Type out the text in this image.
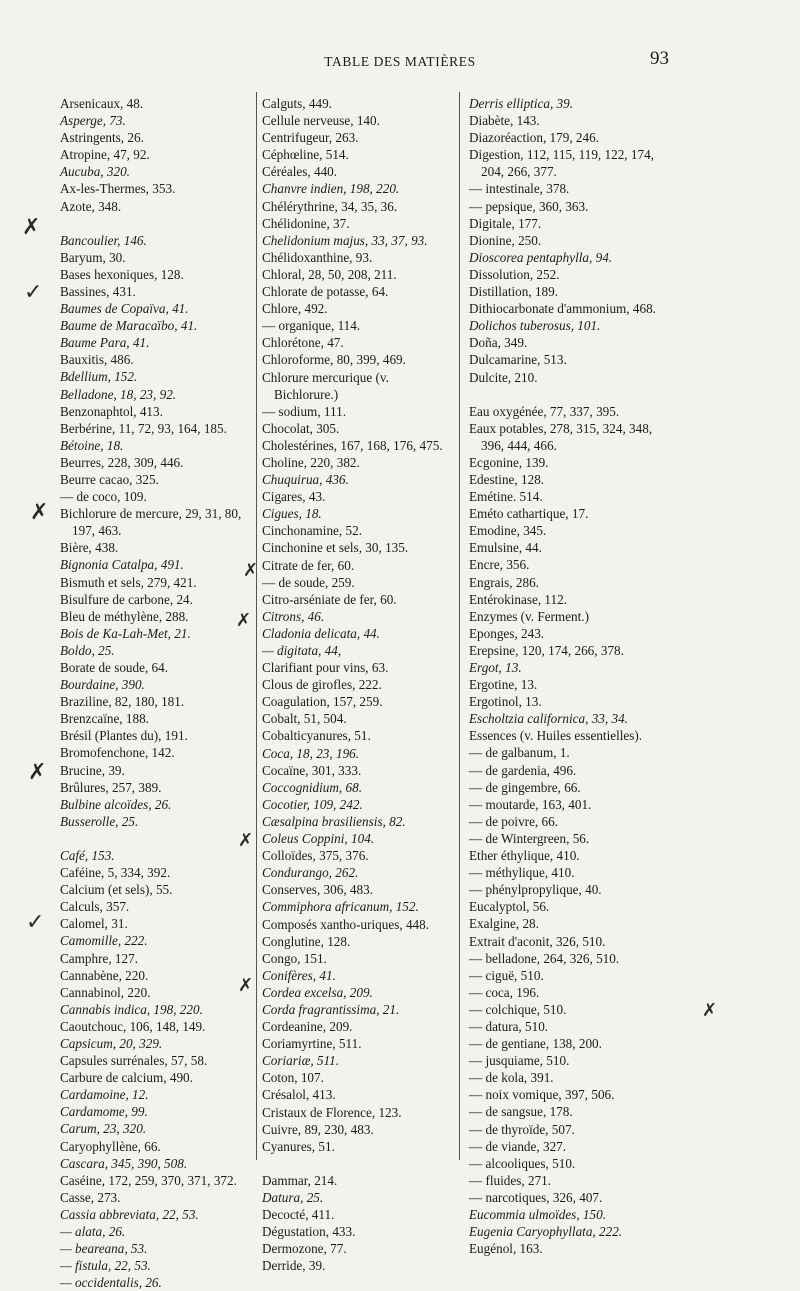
TABLE DES MATIÈRES	93
Arsenicaux, 48.
Asperge, 73.
Astringents, 26.
Atropine, 47, 92.
Aucuba, 320.
Ax-les-Thermes, 353.
Azote, 348.
Bancoulier, 146.
Baryum, 30.
Bases hexoniques, 128.
Bassines, 431.
Baumes de Copaïva, 41.
Baume de Maracaïbo, 41.
Baume Para, 41.
Bauxitis, 486.
Bdellium, 152.
Belladone, 18, 23, 92.
Benzonaphtol, 413.
Berbérine, 11, 72, 93, 164, 185.
Bétoine, 18.
Beurres, 228, 309, 446.
Beurre cacao, 325.
— de coco, 109.
Bichlorure de mercure, 29, 31, 80, 197, 463.
Bière, 438.
Bignonia Catalpa, 491.
Bismuth et sels, 279, 421.
Bisulfure de carbone, 24.
Bleu de méthylène, 288.
Bois de Ka-Lah-Met, 21.
Boldo, 25.
Borate de soude, 64.
Bourdaine, 390.
Braziline, 82, 180, 181.
Brenzcaïne, 188.
Brésil (Plantes du), 191.
Bromofenchone, 142.
Brucine, 39.
Brûlures, 257, 389.
Bulbine alcoïdes, 26.
Busserolle, 25.
Café, 153.
Caféine, 5, 334, 392.
Calcium (et sels), 55.
Calculs, 357.
Calomel, 31.
Camomille, 222.
Camphre, 127.
Cannabène, 220.
Cannabinol, 220.
Cannabis indica, 198, 220.
Caoutchouc, 106, 148, 149.
Capsicum, 20, 329.
Capsules surrénales, 57, 58.
Carbure de calcium, 490.
Cardamoine, 12.
Cardamome, 99.
Carum, 23, 320.
Caryophyllène, 66.
Cascara, 345, 390, 508.
Caséine, 172, 259, 370, 371, 372.
Casse, 273.
Cassia abbreviata, 22, 53.
— alata, 26.
— beareana, 53.
— fistula, 22, 53.
— occidentalis, 26.
Calguts, 449.
Cellule nerveuse, 140.
Centrifugeur, 263.
Céphœline, 514.
Céréales, 440.
Chanvre indien, 198, 220.
Chélérythrine, 34, 35, 36.
Chélidonine, 37.
Chelidonium majus, 33, 37, 93.
Chélidoxanthine, 93.
Chloral, 28, 50, 208, 211.
Chlorate de potasse, 64.
Chlore, 492.
— organique, 114.
Chlorétone, 47.
Chloroforme, 80, 399, 469.
Chlorure mercurique (v. Bichlorure.)
— sodium, 111.
Chocolat, 305.
Cholestérines, 167, 168, 176, 475.
Choline, 220, 382.
Chuquirua, 436.
Cigares, 43.
Cigues, 18.
Cinchonamine, 52.
Cinchonine et sels, 30, 135.
Citrate de fer, 60.
— de soude, 259.
Citro-arséniate de fer, 60.
Citrons, 46.
Cladonia delicata, 44.
— digitata, 44,
Clarifiant pour vins, 63.
Clous de girofles, 222.
Coagulation, 157, 259.
Cobalt, 51, 504.
Cobalticyanures, 51.
Coca, 18, 23, 196.
Cocaïne, 301, 333.
Coccognidium, 68.
Cocotier, 109, 242.
Cæsalpina brasiliensis, 82.
Coleus Coppini, 104.
Colloïdes, 375, 376.
Condurango, 262.
Conserves, 306, 483.
Commiphora africanum, 152.
Composés xantho-uriques, 448.
Conglutine, 128.
Congo, 151.
Conifères, 41.
Cordea excelsa, 209.
Corda fragrantissima, 21.
Cordeanine, 209.
Coriamyrtine, 511.
Coriariæ, 511.
Coton, 107.
Crésalol, 413.
Cristaux de Florence, 123.
Cuivre, 89, 230, 483.
Cyanures, 51.
Dammar, 214.
Datura, 25.
Decocté, 411.
Dégustation, 433.
Dermozone, 77.
Derride, 39.
Derris elliptica, 39.
Diabète, 143.
Diazoréaction, 179, 246.
Digestion, 112, 115, 119, 122, 174, 204, 266, 377.
— intestinale, 378.
— pepsique, 360, 363.
Digitale, 177.
Dionine, 250.
Dioscorea pentaphylla, 94.
Dissolution, 252.
Distillation, 189.
Dithiocarbonate d'ammonium, 468.
Dolichos tuberosus, 101.
Doña, 349.
Dulcamarine, 513.
Dulcite, 210.
Eau oxygénée, 77, 337, 395.
Eaux potables, 278, 315, 324, 348, 396, 444, 466.
Ecgonine, 139.
Edestine, 128.
Emétine. 514.
Eméto cathartique, 17.
Emodine, 345.
Emulsine, 44.
Encre, 356.
Engrais, 286.
Entérokinase, 112.
Enzymes (v. Ferment.)
Eponges, 243.
Erepsine, 120, 174, 266, 378.
Ergot, 13.
Ergotine, 13.
Ergotinol, 13.
Escholtzia californica, 33, 34.
Essences (v. Huiles essentielles).
— de galbanum, 1.
— de gardenia, 496.
— de gingembre, 66.
— moutarde, 163, 401.
— de poivre, 66.
— de Wintergreen, 56.
Ether éthylique, 410.
— méthylique, 410.
— phénylpropylique, 40.
Eucalyptol, 56.
Exalgine, 28.
Extrait d'aconit, 326, 510.
— belladone, 264, 326, 510.
— ciguë, 510.
— coca, 196.
— colchique, 510.
— datura, 510.
— de gentiane, 138, 200.
— jusquiame, 510.
— de kola, 391.
— noix vomique, 397, 506.
— de sangsue, 178.
— de thyroïde, 507.
— de viande, 327.
— alcooliques, 510.
— fluides, 271.
— narcotiques, 326, 407.
Eucommia ulmoïdes, 150.
Eugenia Caryophyllata, 222.
Eugénol, 163.
✗
✓
✗
✗
✓
✗
✗
✗
✗
✗
